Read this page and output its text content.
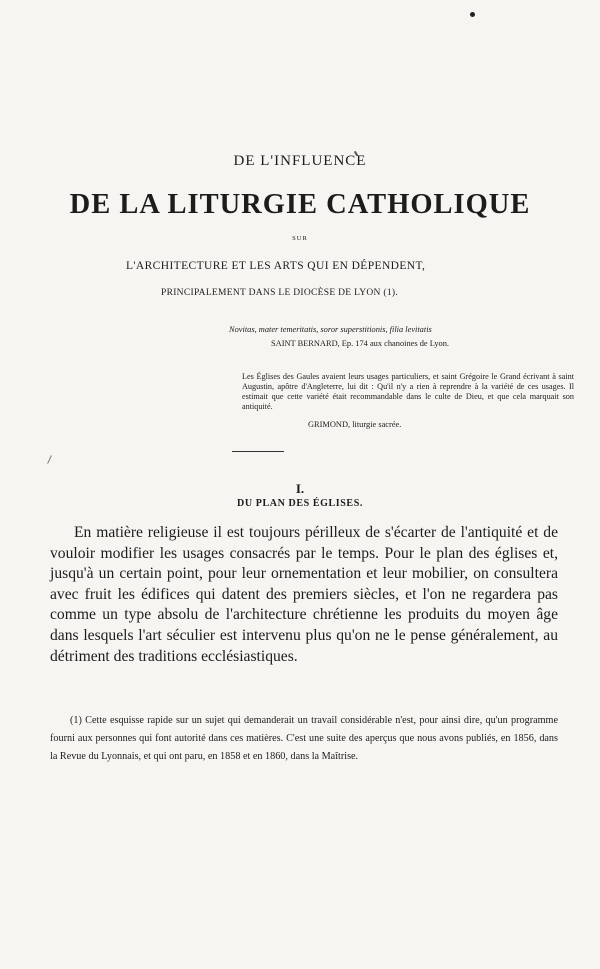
DE L'INFLUENCE
DE LA LITURGIE CATHOLIQUE
SUR
L'ARCHITECTURE ET LES ARTS QUI EN DÉPENDENT,
PRINCIPALEMENT DANS LE DIOCÈSE DE LYON (1).
Novitas, mater temeritatis, soror superstitionis, filia levitatis
SAINT BERNARD, Ep. 174 aux chanoines de Lyon.
Les Églises des Gaules avaient leurs usages particuliers, et saint Grégoire le Grand écrivant à saint Augustin, apôtre d'Angleterre, lui dit : Qu'il n'y a rien à reprendre à la variété de ces usages. Il estimait que cette variété était recommandable dans le culte de Dieu, et que cela marquait son antiquité.
GRIMOND, liturgie sacrée.
I.
DU PLAN DES ÉGLISES.
En matière religieuse il est toujours périlleux de s'écarter de l'antiquité et de vouloir modifier les usages consacrés par le temps. Pour le plan des églises et, jusqu'à un certain point, pour leur ornementation et leur mobilier, on consultera avec fruit les édifices qui datent des premiers siècles, et l'on ne regardera pas comme un type absolu de l'architecture chrétienne les produits du moyen âge dans lesquels l'art séculier est intervenu plus qu'on ne le pense généralement, au détriment des traditions ecclésiastiques.
(1) Cette esquisse rapide sur un sujet qui demanderait un travail considérable n'est, pour ainsi dire, qu'un programme fourni aux personnes qui font autorité dans ces matières. C'est une suite des aperçus que nous avons publiés, en 1856, dans la Revue du Lyonnais, et qui ont paru, en 1858 et en 1860, dans la Maîtrise.
